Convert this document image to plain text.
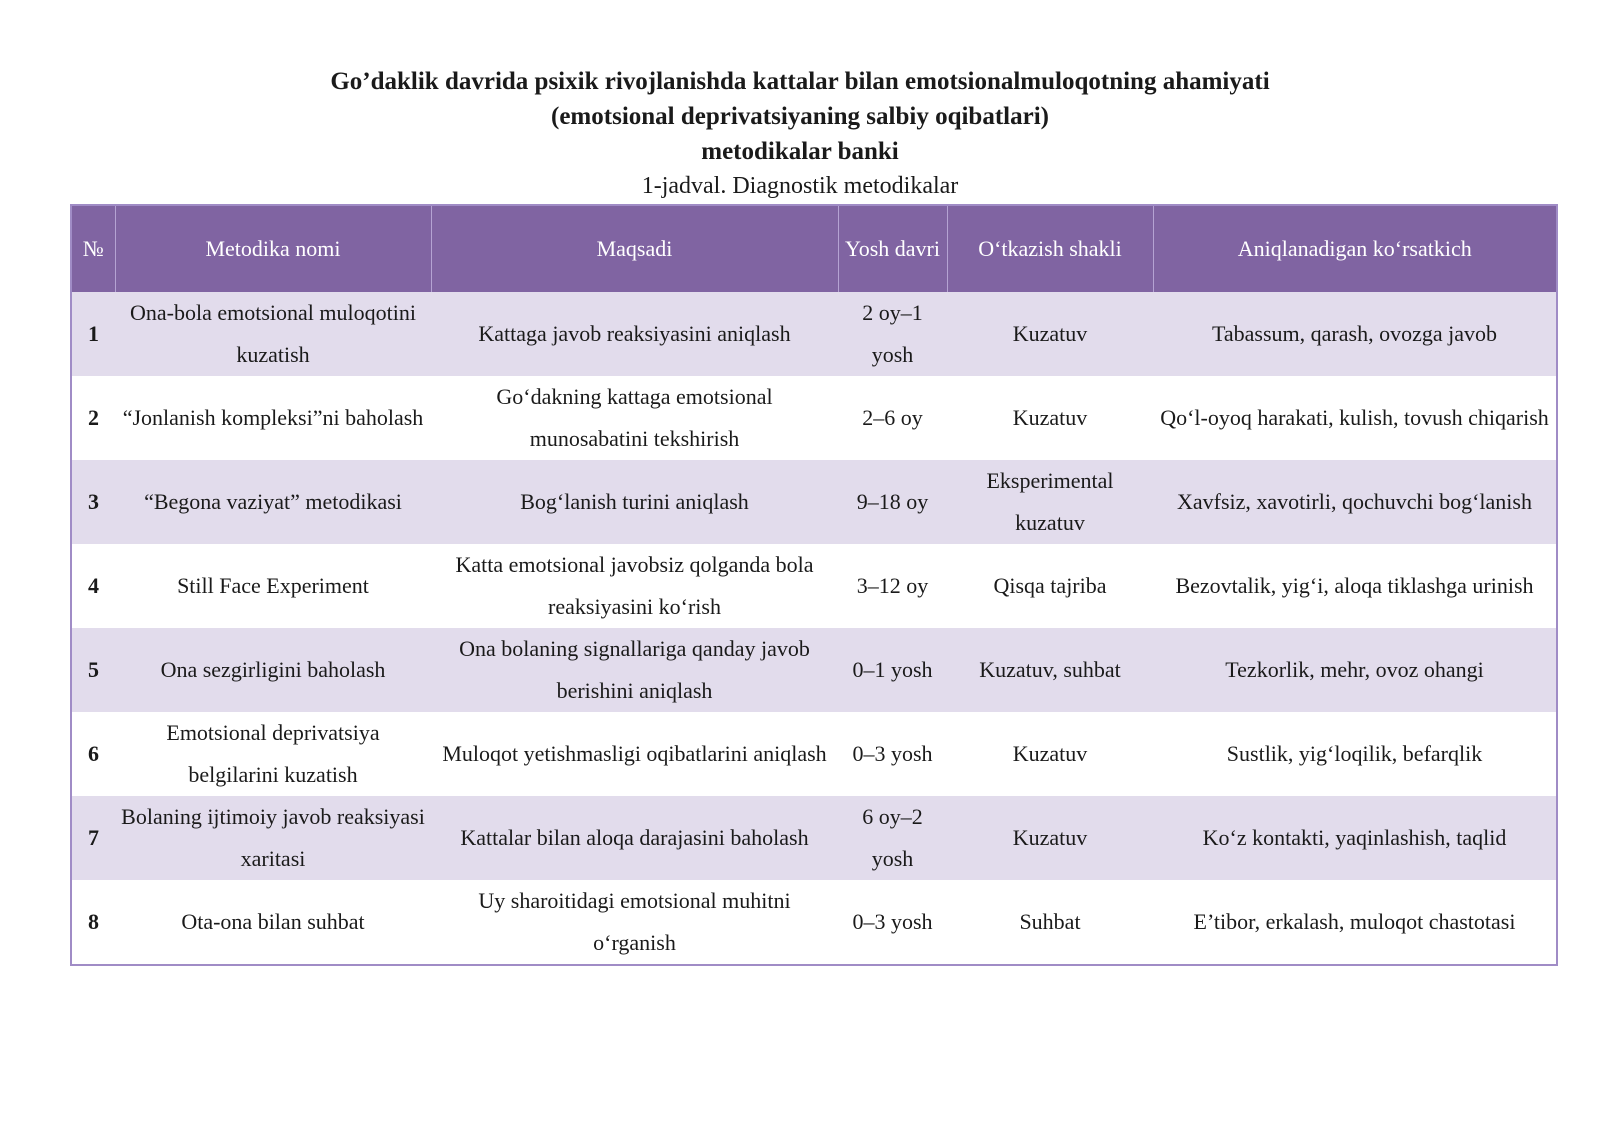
Go’daklik davrida psixik rivojlanishda kattalar bilan emotsionalmuloqotning ahamiyati
(emotsional deprivatsiyaning salbiy oqibatlari)
metodikalar banki
1-jadval. Diagnostik metodikalar
№	Metodika nomi	Maqsadi	Yosh davri	O‘tkazish shakli	Aniqlanadigan ko‘rsatkich
1	Ona-bola emotsional muloqotini kuzatish	Kattaga javob reaksiyasini aniqlash	2 oy–1 yosh	Kuzatuv	Tabassum, qarash, ovozga javob
2	“Jonlanish kompleksi”ni baholash	Go‘dakning kattaga emotsional munosabatini tekshirish	2–6 oy	Kuzatuv	Qo‘l-oyoq harakati, kulish, tovush chiqarish
3	“Begona vaziyat” metodikasi	Bog‘lanish turini aniqlash	9–18 oy	Eksperimental kuzatuv	Xavfsiz, xavotirli, qochuvchi bog‘lanish
4	Still Face Experiment	Katta emotsional javobsiz qolganda bola reaksiyasini ko‘rish	3–12 oy	Qisqa tajriba	Bezovtalik, yig‘i, aloqa tiklashga urinish
5	Ona sezgirligini baholash	Ona bolaning signallariga qanday javob berishini aniqlash	0–1 yosh	Kuzatuv, suhbat	Tezkorlik, mehr, ovoz ohangi
6	Emotsional deprivatsiya belgilarini kuzatish	Muloqot yetishmasligi oqibatlarini aniqlash	0–3 yosh	Kuzatuv	Sustlik, yig‘loqilik, befarqlik
7	Bolaning ijtimoiy javob reaksiyasi xaritasi	Kattalar bilan aloqa darajasini baholash	6 oy–2 yosh	Kuzatuv	Ko‘z kontakti, yaqinlashish, taqlid
8	Ota-ona bilan suhbat	Uy sharoitidagi emotsional muhitni o‘rganish	0–3 yosh	Suhbat	E’tibor, erkalash, muloqot chastotasi
